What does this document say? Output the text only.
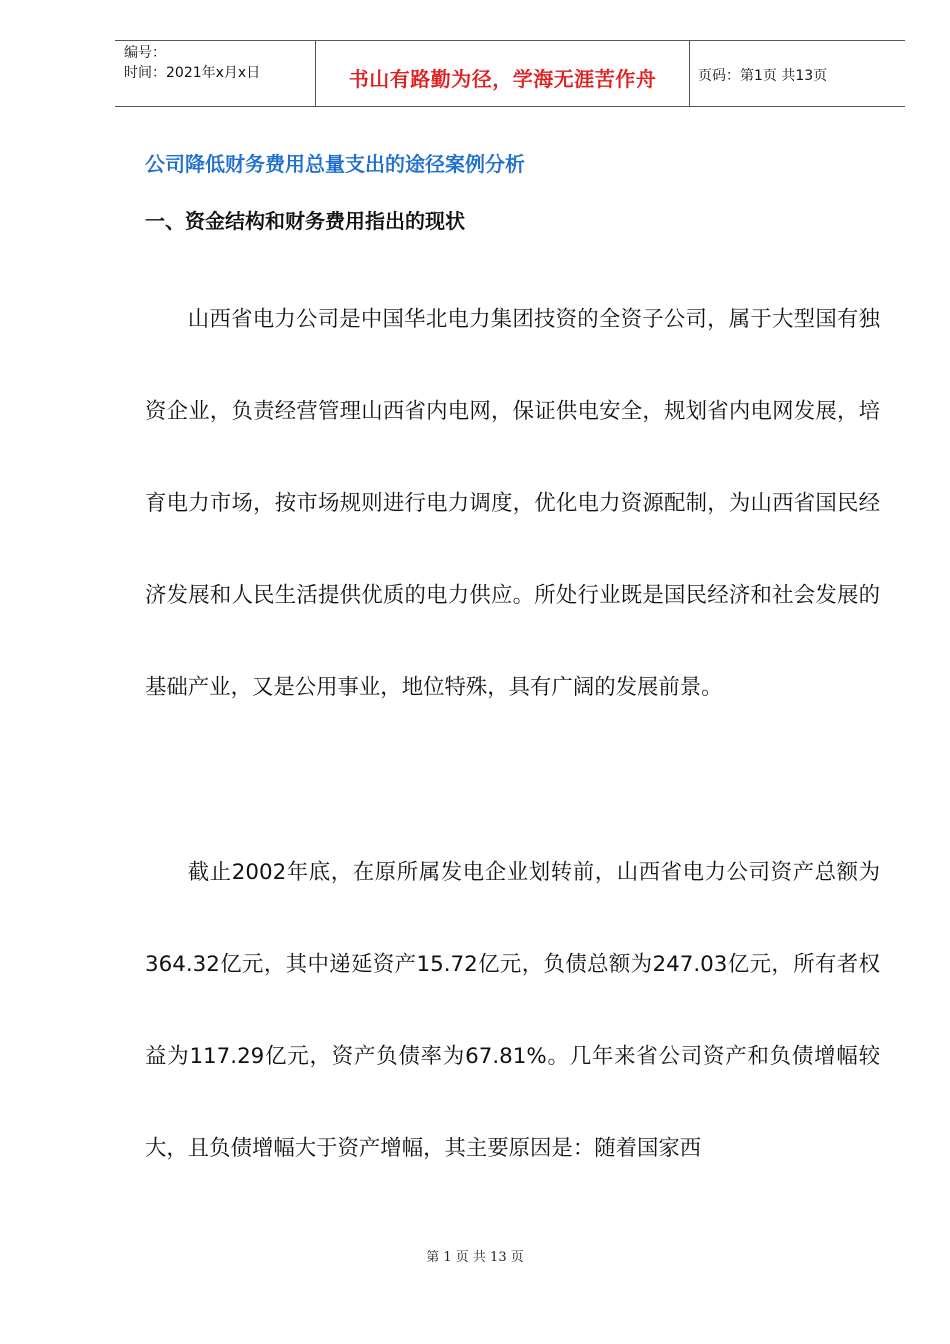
编号：
时间：2021年x月x日	书山有路勤为径，学海无涯苦作舟	页码：第1页 共13页
公司降低财务费用总量支出的途径案例分析
一、资金结构和财务费用指出的现状

山西省电力公司是中国华北电力集团技资的全资子公司，属于大型国有独资企业，负责经营管理山西省内电网，保证供电安全，规划省内电网发展，培育电力市场，按市场规则进行电力调度，优化电力资源配制，为山西省国民经济发展和人民生活提供优质的电力供应。所处行业既是国民经济和社会发展的基础产业，又是公用事业，地位特殊，具有广阔的发展前景。

截止2002年底，在原所属发电企业划转前，山西省电力公司资产总额为364.32亿元，其中递延资产15.72亿元，负债总额为247.03亿元，所有者权益为117.29亿元，资产负债率为67.81%。几年来省公司资产和负债增幅较大，且负债增幅大于资产增幅，其主要原因是：随着国家西

第 1 页 共 13 页
